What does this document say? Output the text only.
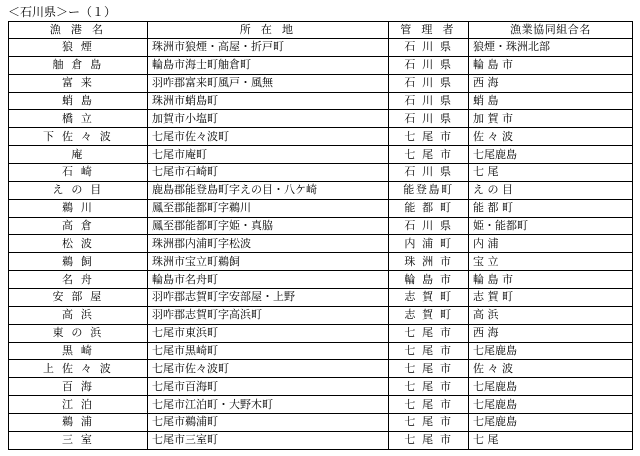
＜石川県＞ー（１）
漁 港 名	所 在 地	管 理 者	漁業協同組合名
狼 煙	珠洲市狼煙・高屋・折戸町	石 川 県	狼煙・珠洲北部
舳 倉 島	輪島市海士町舳倉町	石 川 県	輪 島 市
富 来	羽咋郡富来町風戸・風無	石 川 県	西 海
蛸 島	珠洲市蛸島町	石 川 県	蛸 島
橋 立	加賀市小塩町	石 川 県	加 賀 市
下 佐 々 波	七尾市佐々波町	七 尾 市	佐 々 波
庵	七尾市庵町	七 尾 市	七尾鹿島
石 崎	七尾市石崎町	石 川 県	七 尾
え の 目	鹿島郡能登島町字えの目・八ケ崎	能登島町	え の 目
鵜 川	鳳至郡能都町字鵜川	能 都 町	能 都 町
高 倉	鳳至郡能都町字姫・真脇	石 川 県	姫・能都町
松 波	珠洲郡内浦町字松波	内 浦 町	内 浦
鵜 飼	珠洲市宝立町鵜飼	珠 洲 市	宝 立
名 舟	輪島市名舟町	輪 島 市	輪 島 市
安 部 屋	羽咋郡志賀町字安部屋・上野	志 賀 町	志 賀 町
高 浜	羽咋郡志賀町字高浜町	志 賀 町	高 浜
東 の 浜	七尾市東浜町	七 尾 市	西 海
黒 崎	七尾市黒崎町	七 尾 市	七尾鹿島
上 佐 々 波	七尾市佐々波町	七 尾 市	佐 々 波
百 海	七尾市百海町	七 尾 市	七尾鹿島
江 泊	七尾市江泊町・大野木町	七 尾 市	七尾鹿島
鵜 浦	七尾市鵜浦町	七 尾 市	七尾鹿島
三 室	七尾市三室町	七 尾 市	七 尾
